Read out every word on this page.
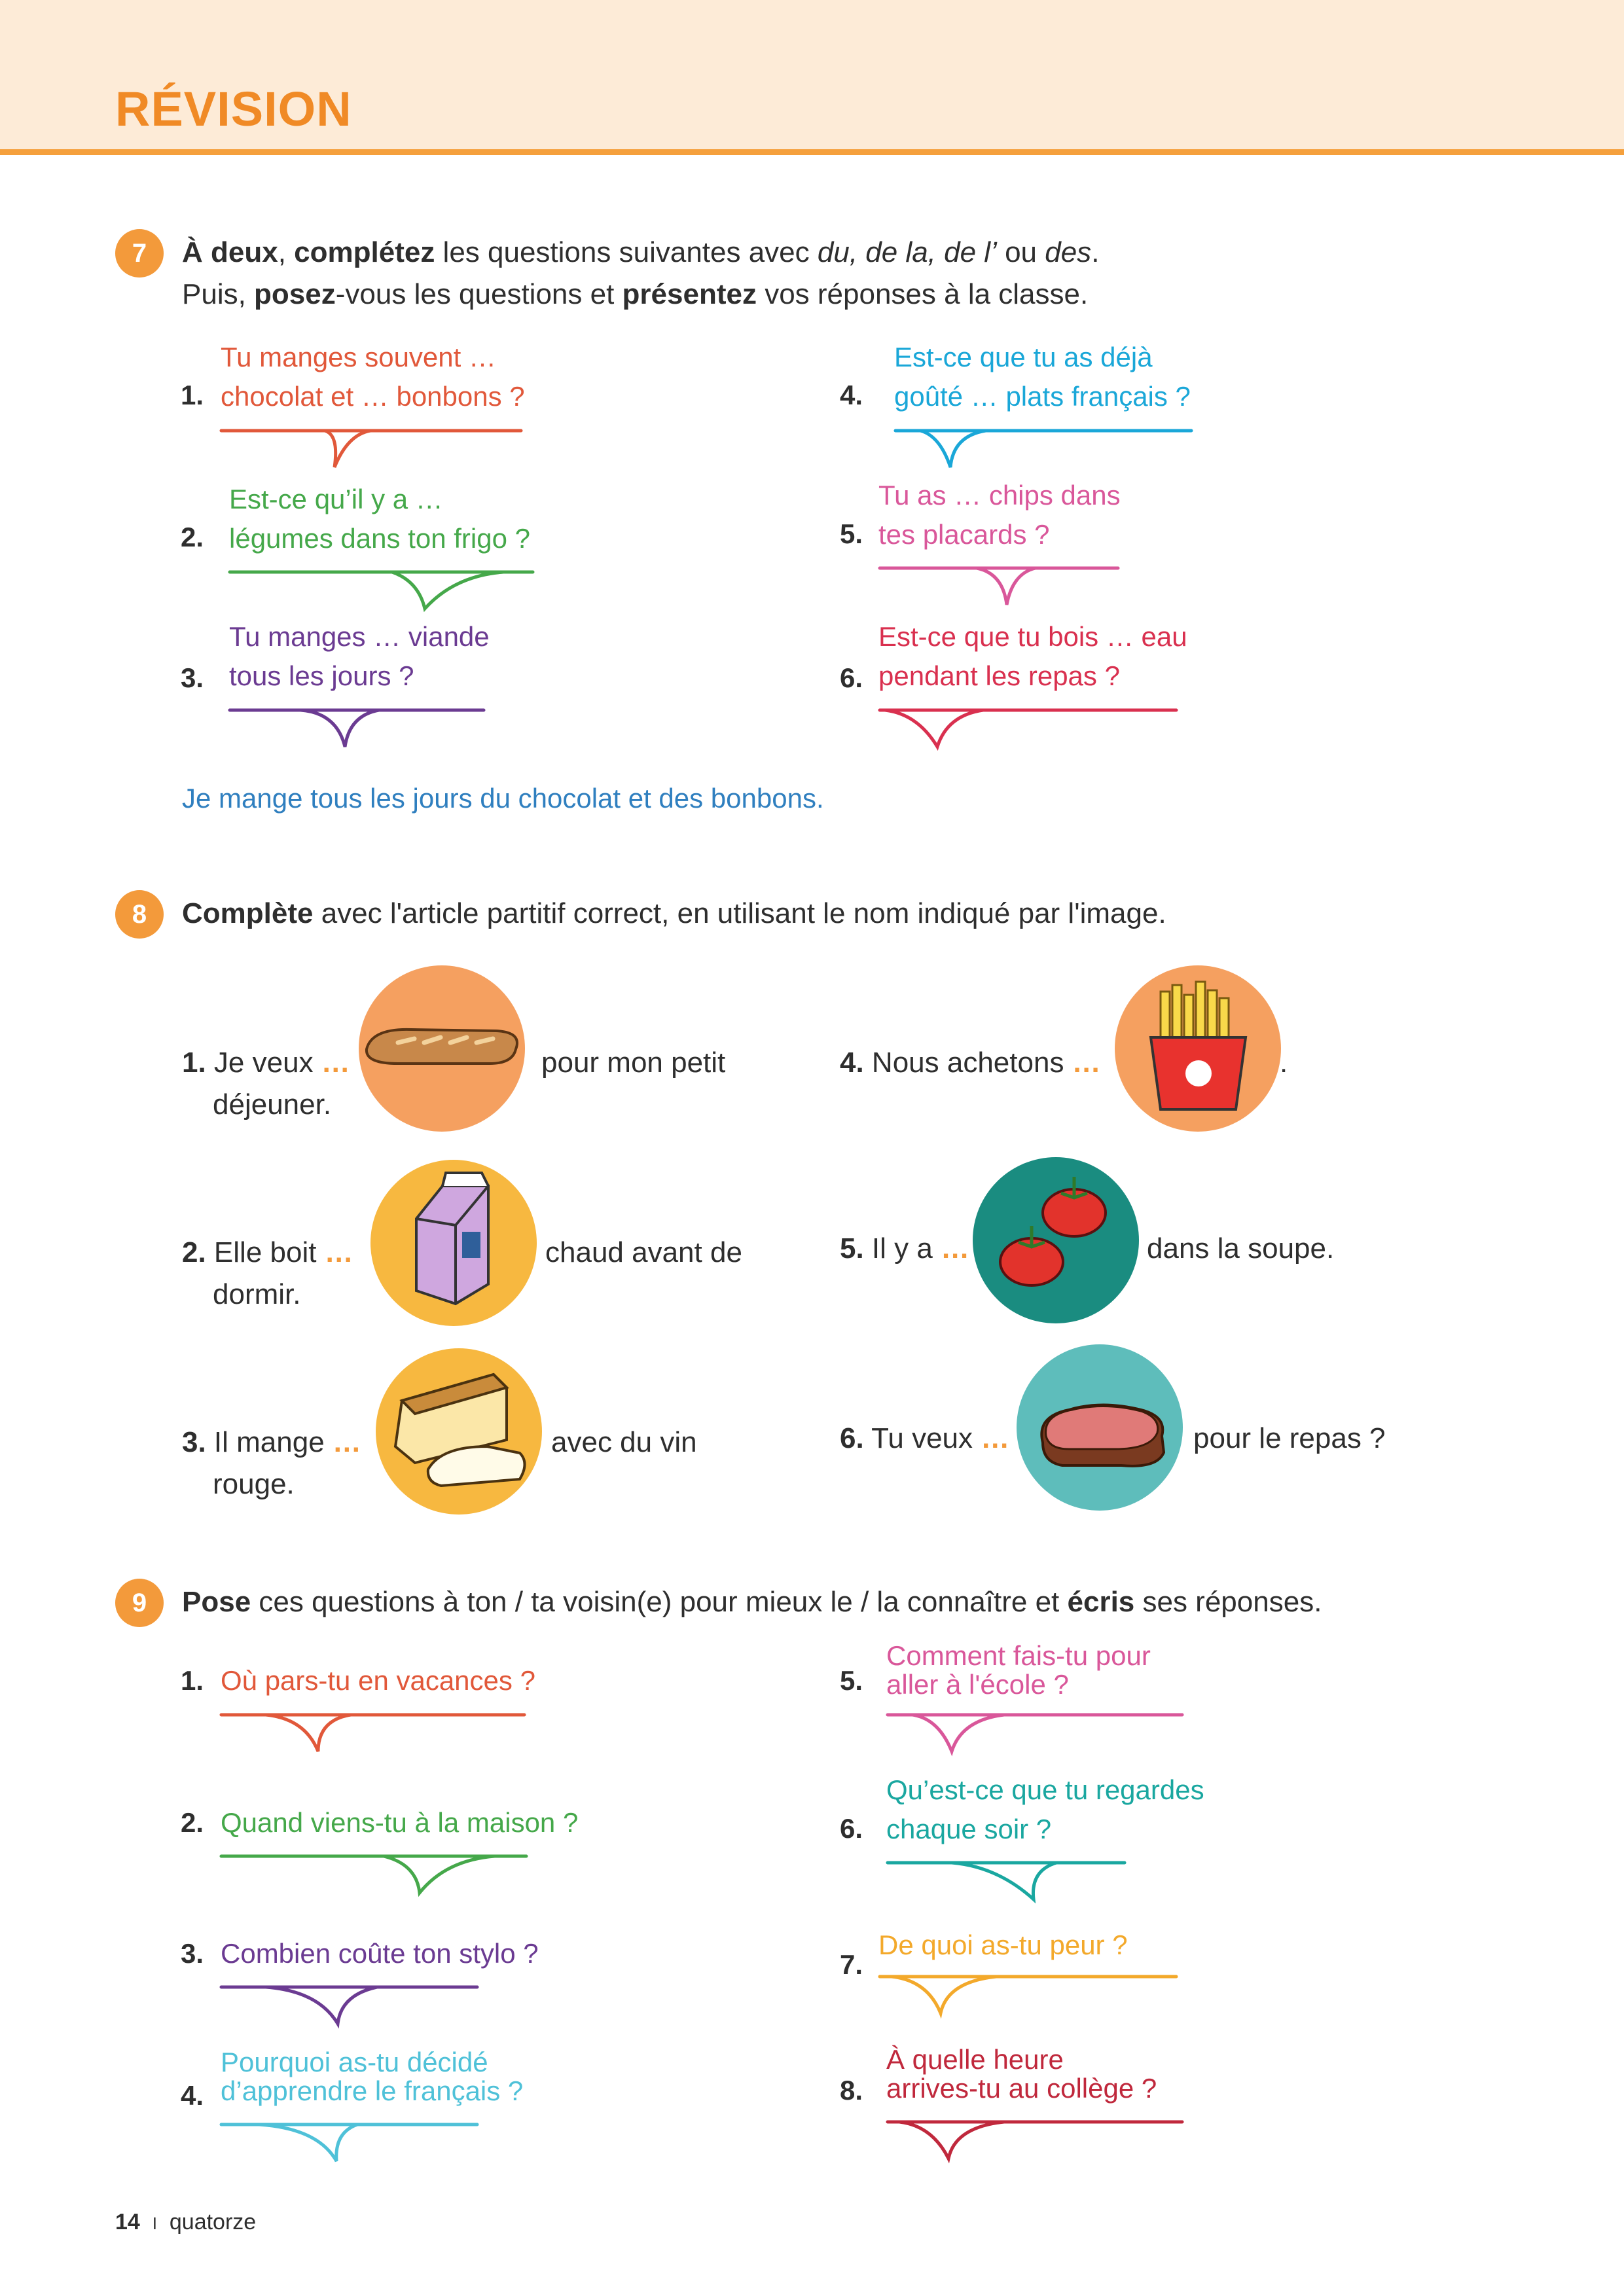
RÉVISION
7	À deux, complétez les questions suivantes avec du, de la, de l’ ou des.
Puis, posez-vous les questions et présentez vos réponses à la classe.
1.
Tu manges souvent …
chocolat et … bonbons ?
2.
Est-ce qu’il y a …
légumes dans ton frigo ?
3.
Tu manges … viande
tous les jours ?
4.
Est-ce que tu as déjà
goûté … plats français ?
5.
Tu as … chips dans
tes placards ?
6.
Est-ce que tu bois … eau
pendant les repas ?
Je mange tous les jours du chocolat et des bonbons.
8	Complète avec l'article partitif correct, en utilisant le nom indiqué par l'image.
1. Je veux …
déjeuner.
pour mon petit
2. Elle boit …
dormir.
chaud avant de
3. Il mange …
rouge.
avec du vin
4. Nous achetons …	.
5. Il y a …	dans la soupe.
6. Tu veux …	pour le repas ?
9	Pose ces questions à ton / ta voisin(e) pour mieux le / la connaître et écris ses réponses.
1. Où pars-tu en vacances ?
2. Quand viens-tu à la maison ?
3. Combien coûte ton stylo ?
4.
Pourquoi as-tu décidé
d’apprendre le français ?
5.
Comment fais-tu pour
aller à l'école ?
6.
Qu’est-ce que tu regardes
chaque soir ?
7.
De quoi as-tu peur ?
8.
À quelle heure
arrives-tu au collège ?
14 I quatorze
